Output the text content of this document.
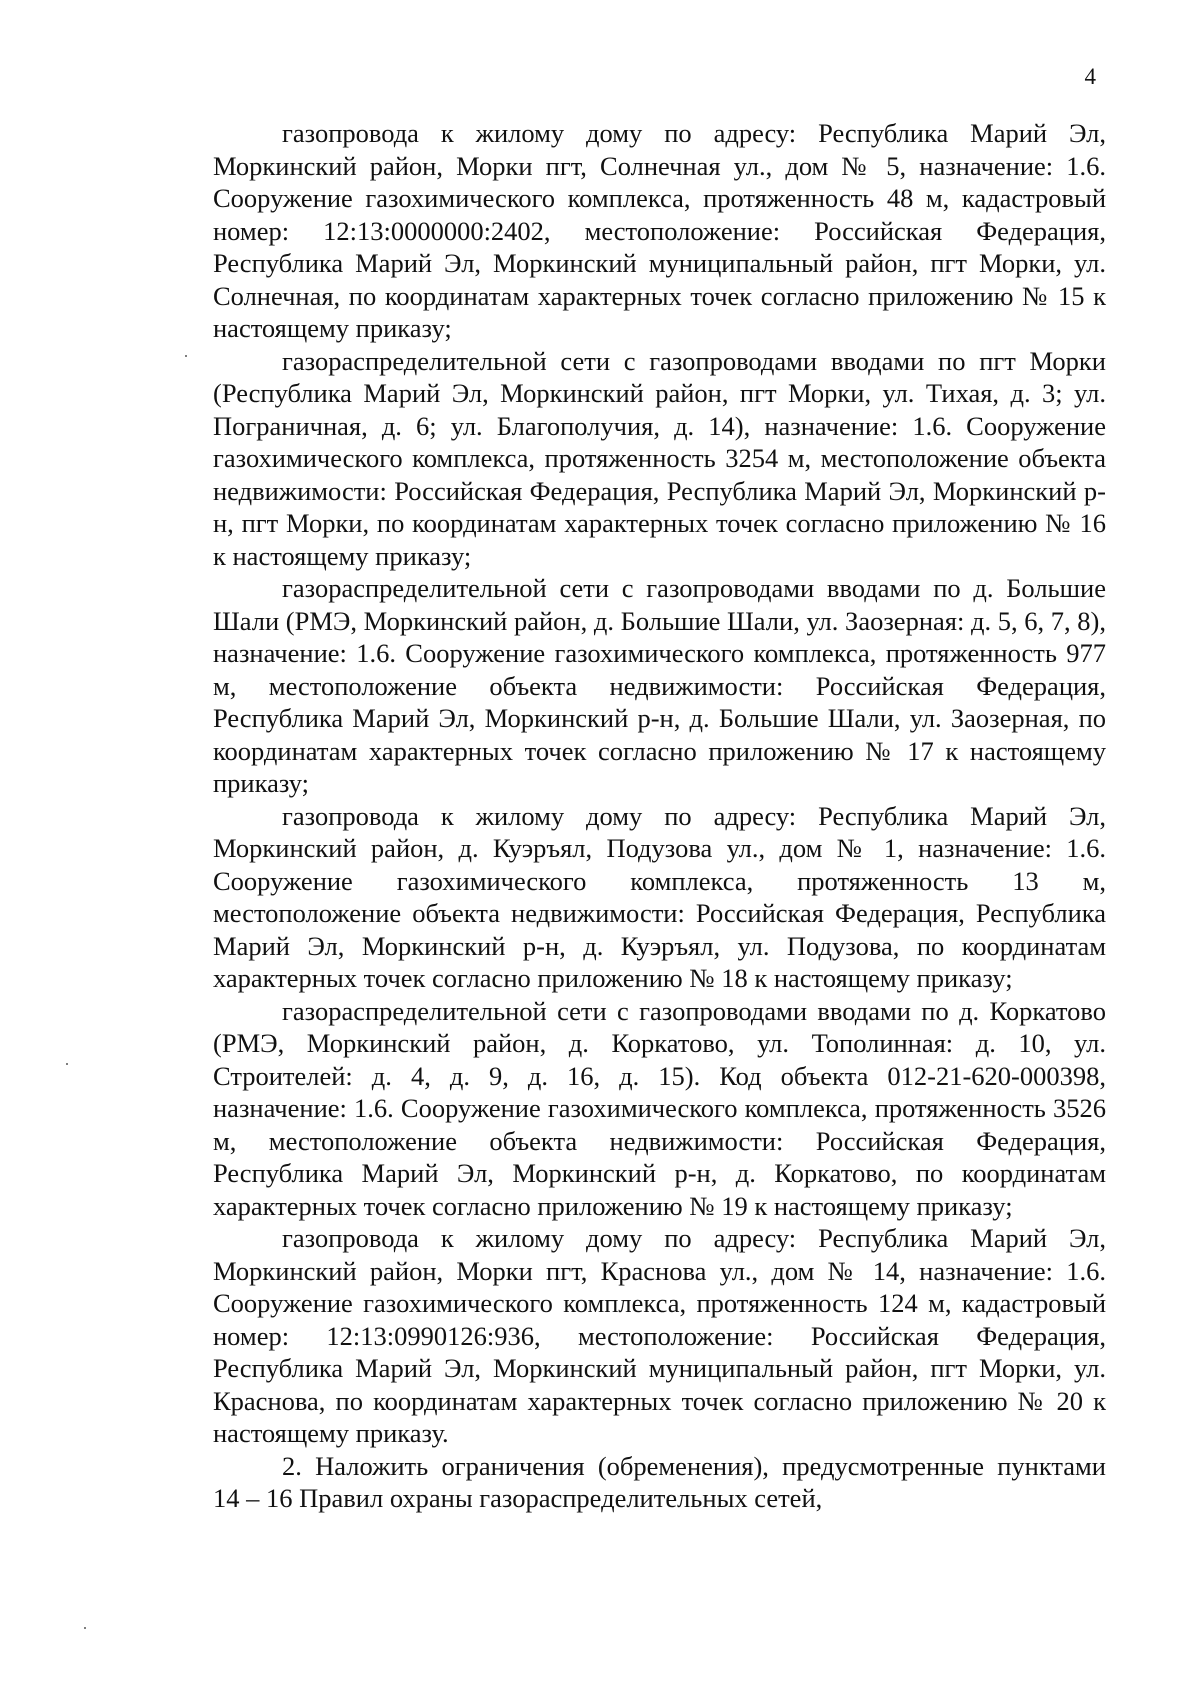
4

газопровода к жилому дому по адресу: Республика Марий Эл, Моркинский район, Морки пгт, Солнечная ул., дом № 5, назначение: 1.6. Сооружение газохимического комплекса, протяженность 48 м, кадастровый номер: 12:13:0000000:2402, местоположение: Российская Федерация, Республика Марий Эл, Моркинский муниципальный район, пгт Морки, ул. Солнечная, по координатам характерных точек согласно приложению № 15 к настоящему приказу;

газораспределительной сети с газопроводами вводами по пгт Морки (Республика Марий Эл, Моркинский район, пгт Морки, ул. Тихая, д. 3; ул. Пограничная, д. 6; ул. Благополучия, д. 14), назначение: 1.6. Сооружение газохимического комплекса, протяженность 3254 м, местоположение объекта недвижимости: Российская Федерация, Республика Марий Эл, Моркинский р-н, пгт Морки, по координатам характерных точек согласно приложению № 16 к настоящему приказу;

газораспределительной сети с газопроводами вводами по д. Большие Шали (РМЭ, Моркинский район, д. Большие Шали, ул. Заозерная: д. 5, 6, 7, 8), назначение: 1.6. Сооружение газохимического комплекса, протяженность 977 м, местоположение объекта недвижимости: Российская Федерация, Республика Марий Эл, Моркинский р-н, д. Большие Шали, ул. Заозерная, по координатам характерных точек согласно приложению № 17 к настоящему приказу;

газопровода к жилому дому по адресу: Республика Марий Эл, Моркинский район, д. Куэръял, Подузова ул., дом № 1, назначение: 1.6. Сооружение газохимического комплекса, протяженность 13 м, местоположение объекта недвижимости: Российская Федерация, Республика Марий Эл, Моркинский р-н, д. Куэръял, ул. Подузова, по координатам характерных точек согласно приложению № 18 к настоящему приказу;

газораспределительной сети с газопроводами вводами по д. Коркатово (РМЭ, Моркинский район, д. Коркатово, ул. Тополинная: д. 10, ул. Строителей: д. 4, д. 9, д. 16, д. 15). Код объекта 012-21-620-000398, назначение: 1.6. Сооружение газохимического комплекса, протяженность 3526 м, местоположение объекта недвижимости: Российская Федерация, Республика Марий Эл, Моркинский р-н, д. Коркатово, по координатам характерных точек согласно приложению № 19 к настоящему приказу;

газопровода к жилому дому по адресу: Республика Марий Эл, Моркинский район, Морки пгт, Краснова ул., дом № 14, назначение: 1.6. Сооружение газохимического комплекса, протяженность 124 м, кадастровый номер: 12:13:0990126:936, местоположение: Российская Федерация, Республика Марий Эл, Моркинский муниципальный район, пгт Морки, ул. Краснова, по координатам характерных точек согласно приложению № 20 к настоящему приказу.

2. Наложить ограничения (обременения), предусмотренные пунктами 14 – 16 Правил охраны газораспределительных сетей,
